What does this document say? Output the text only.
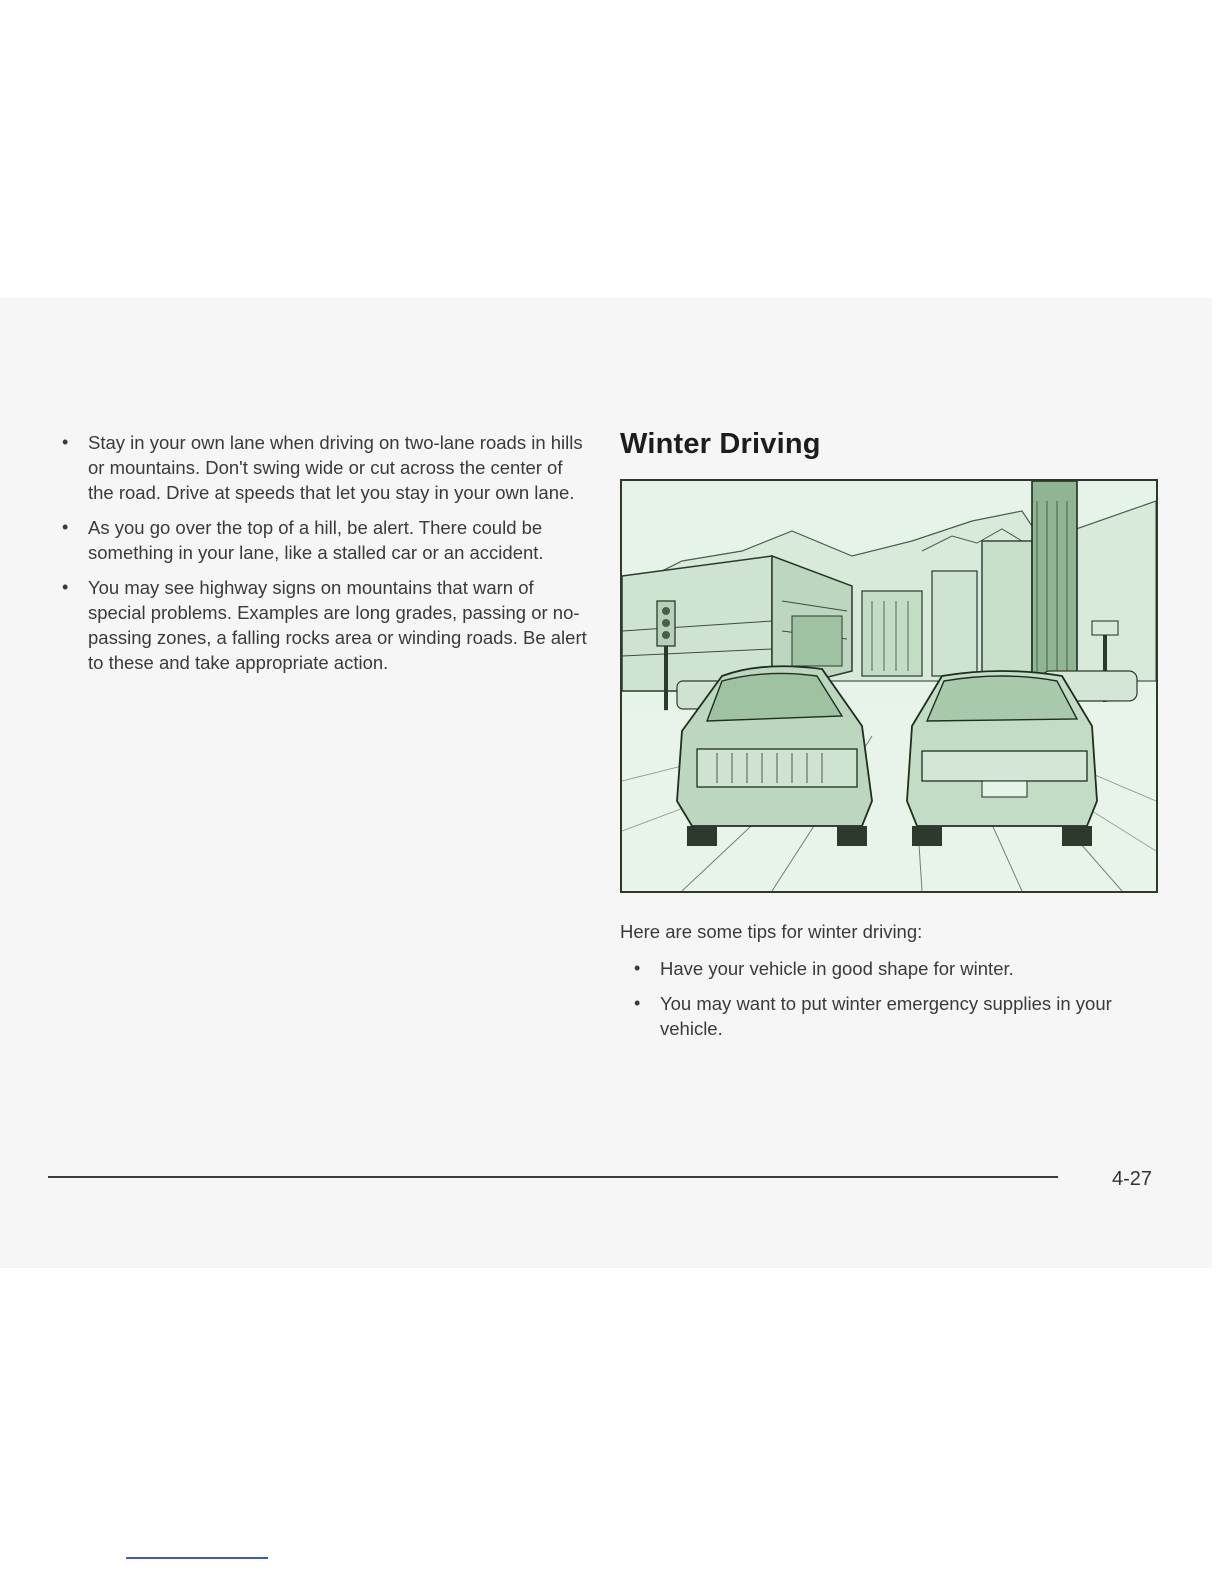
• Stay in your own lane when driving on two-lane roads in hills or mountains. Don't swing wide or cut across the center of the road. Drive at speeds that let you stay in your own lane.
• As you go over the top of a hill, be alert. There could be something in your lane, like a stalled car or an accident.
• You may see highway signs on mountains that warn of special problems. Examples are long grades, passing or no-passing zones, a falling rocks area or winding roads. Be alert to these and take appropriate action.
Winter Driving

Here are some tips for winter driving:

• Have your vehicle in good shape for winter.
• You may want to put winter emergency supplies in your vehicle.
4-27
